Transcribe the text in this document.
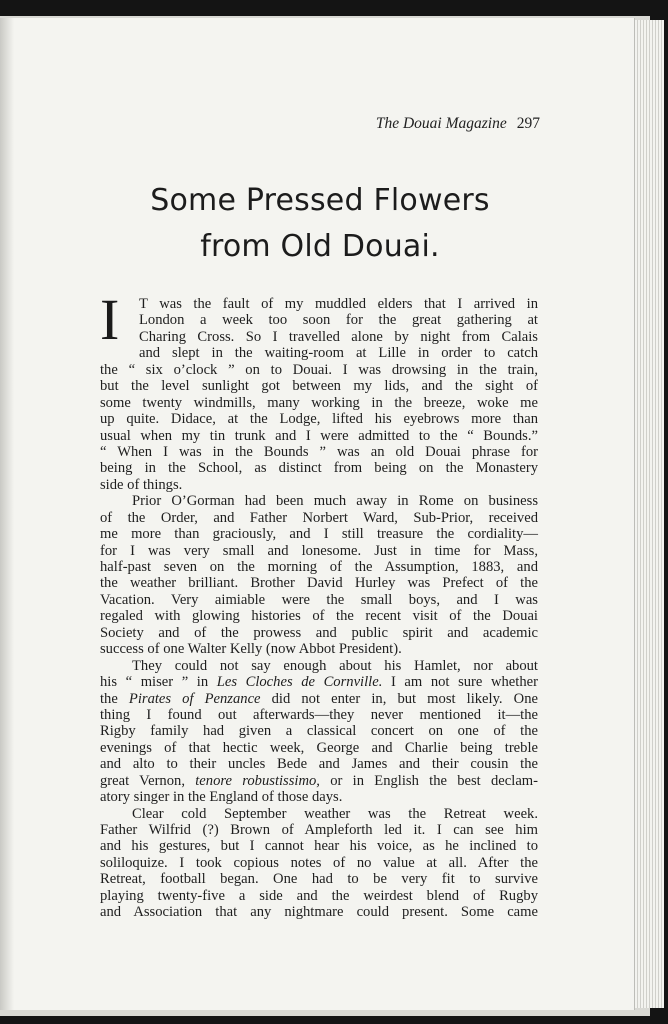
The Douai Magazine 297
Some Pressed Flowers
from Old Douai.
I	T was the fault of my muddled elders that I arrived in
London a week too soon for the great gathering at
Charing Cross. So I travelled alone by night from Calais
and slept in the waiting-room at Lille in order to catch
the “ six o’clock ” on to Douai. I was drowsing in the train,
but the level sunlight got between my lids, and the sight of
some twenty windmills, many working in the breeze, woke me
up quite. Didace, at the Lodge, lifted his eyebrows more than
usual when my tin trunk and I were admitted to the “ Bounds.”
“ When I was in the Bounds ” was an old Douai phrase for
being in the School, as distinct from being on the Monastery
side of things.
Prior O’Gorman had been much away in Rome on business
of the Order, and Father Norbert Ward, Sub-Prior, received
me more than graciously, and I still treasure the cordiality—
for I was very small and lonesome. Just in time for Mass,
half-past seven on the morning of the Assumption, 1883, and
the weather brilliant. Brother David Hurley was Prefect of the
Vacation. Very aimiable were the small boys, and I was
regaled with glowing histories of the recent visit of the Douai
Society and of the prowess and public spirit and academic
success of one Walter Kelly (now Abbot President).
They could not say enough about his Hamlet, nor about
his “ miser ” in Les Cloches de Cornville. I am not sure whether
the Pirates of Penzance did not enter in, but most likely. One
thing I found out afterwards—they never mentioned it—the
Rigby family had given a classical concert on one of the
evenings of that hectic week, George and Charlie being treble
and alto to their uncles Bede and James and their cousin the
great Vernon, tenore robustissimo, or in English the best declam-
atory singer in the England of those days.
Clear cold September weather was the Retreat week.
Father Wilfrid (?) Brown of Ampleforth led it. I can see him
and his gestures, but I cannot hear his voice, as he inclined to
soliloquize. I took copious notes of no value at all. After the
Retreat, football began. One had to be very fit to survive
playing twenty-five a side and the weirdest blend of Rugby
and Association that any nightmare could present. Some came
